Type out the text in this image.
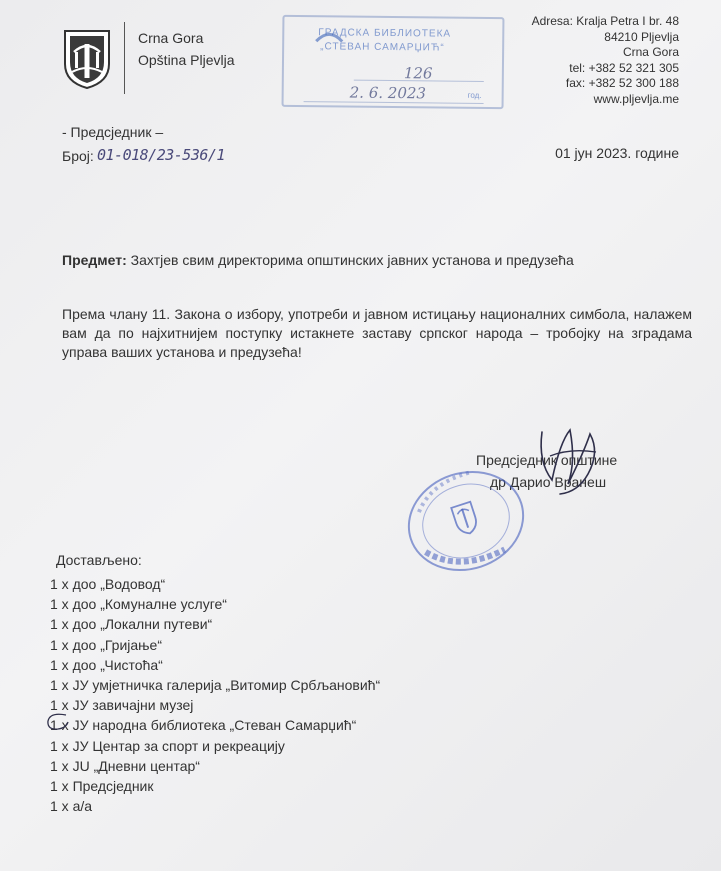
Crna Gora
Opština Pljevlja
ГРАДСКА БИБЛИОТЕКА
„СТЕВАН САМАРЏИЋ“
126
2. 6. 2023	год.
Adresa: Kralja Petra I br. 48
84210 Pljevlja
Crna Gora
tel: +382 52 321 305
fax: +382 52 300 188
www.pljevlja.me
- Предсједник –
Број: 01-018/23-536/1	01 јун 2023. године
Предмет: Захтјев свим директорима општинских јавних установа и предузећа
Према члану 11. Закона о избору, употреби и јавном истицању националних симбола, налажем вам да по најхитнијем поступку истакнете заставу српског народа – тробојку на зградама управа ваших установа и предузећа!
Предсједник општине
др Дарио Вранеш
Достављено:
1 х доо „Водовод“
1 х доо „Комуналне услуге“
1 х доо „Локални путеви“
1 х доо „Гријање“
1 х доо „Чистоћа“
1 х ЈУ умјетничка галерија „Витомир Србљановић“
1 х ЈУ завичајни музеј
1 х ЈУ народна библиотека „Стеван Самарџић“
1 х ЈУ Центар за спорт и рекреацију
1 х JU „Дневни центар“
1 х Предсједник
1 х а/а
